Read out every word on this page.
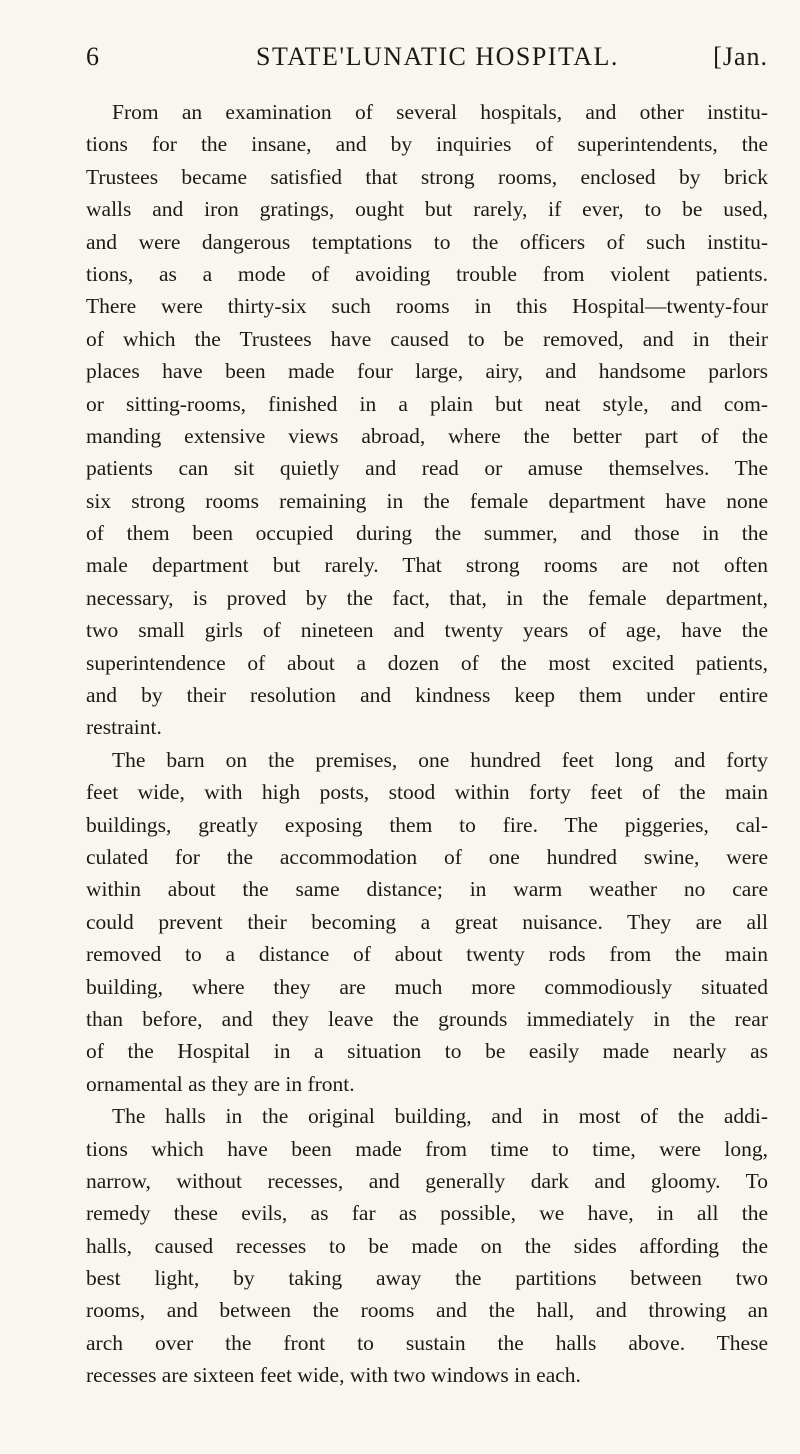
6	STATE'LUNATIC HOSPITAL.	[Jan.
From an examination of several hospitals, and other institu-
tions for the insane, and by inquiries of superintendents, the
Trustees became satisfied that strong rooms, enclosed by brick
walls and iron gratings, ought but rarely, if ever, to be used,
and were dangerous temptations to the officers of such institu-
tions, as a mode of avoiding trouble from violent patients.
There were thirty-six such rooms in this Hospital—twenty-four
of which the Trustees have caused to be removed, and in their
places have been made four large, airy, and handsome parlors
or sitting-rooms, finished in a plain but neat style, and com-
manding extensive views abroad, where the better part of the
patients can sit quietly and read or amuse themselves. The
six strong rooms remaining in the female department have none
of them been occupied during the summer, and those in the
male department but rarely. That strong rooms are not often
necessary, is proved by the fact, that, in the female department,
two small girls of nineteen and twenty years of age, have the
superintendence of about a dozen of the most excited patients,
and by their resolution and kindness keep them under entire
restraint.
The barn on the premises, one hundred feet long and forty
feet wide, with high posts, stood within forty feet of the main
buildings, greatly exposing them to fire. The piggeries, cal-
culated for the accommodation of one hundred swine, were
within about the same distance; in warm weather no care
could prevent their becoming a great nuisance. They are all
removed to a distance of about twenty rods from the main
building, where they are much more commodiously situated
than before, and they leave the grounds immediately in the rear
of the Hospital in a situation to be easily made nearly as
ornamental as they are in front.
The halls in the original building, and in most of the addi-
tions which have been made from time to time, were long,
narrow, without recesses, and generally dark and gloomy. To
remedy these evils, as far as possible, we have, in all the
halls, caused recesses to be made on the sides affording the
best light, by taking away the partitions between two
rooms, and between the rooms and the hall, and throwing an
arch over the front to sustain the halls above. These
recesses are sixteen feet wide, with two windows in each.
